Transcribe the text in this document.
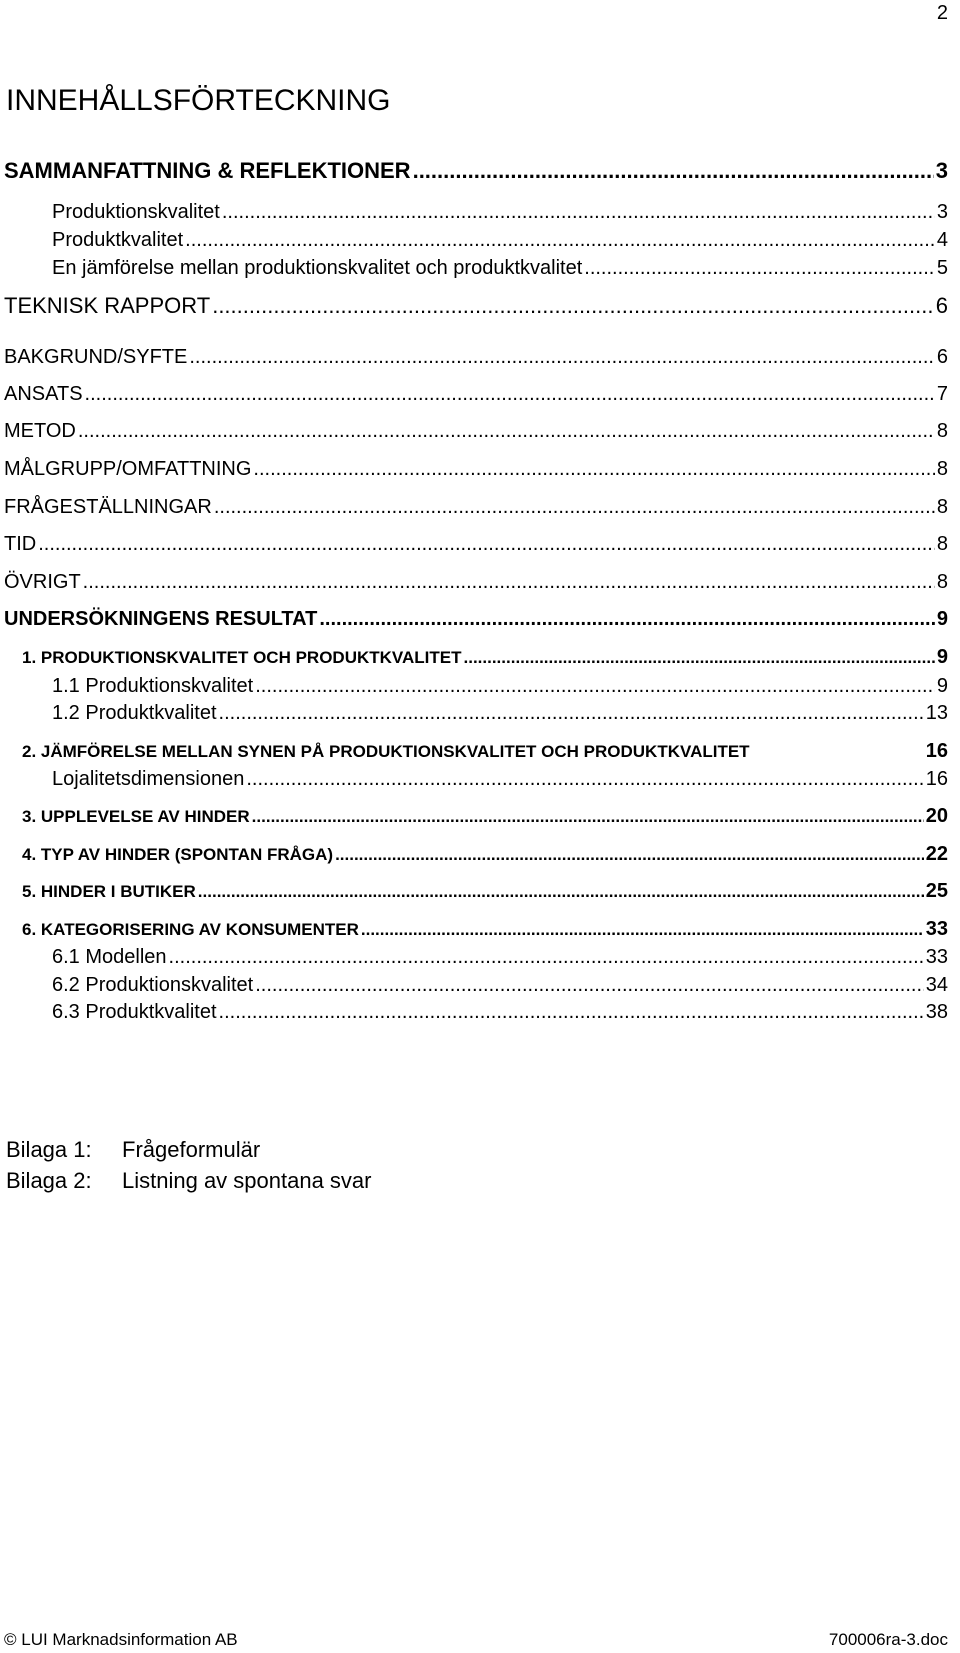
2
INNEHÅLLSFÖRTECKNING
SAMMANFATTNING & REFLEKTIONER .....	3
Produktionskvalitet .....	3
Produktkvalitet .....	4
En jämförelse mellan produktionskvalitet och produktkvalitet .....	5
TEKNISK RAPPORT .....	6
BAKGRUND/SYFTE .....	6
ANSATS .....	7
METOD .....	8
MÅLGRUPP/OMFATTNING .....	8
FRÅGESTÄLLNINGAR .....	8
TID .....	8
ÖVRIGT .....	8
UNDERSÖKNINGENS RESULTAT .....	9
1. PRODUKTIONSKVALITET OCH PRODUKTKVALITET .....	9
1.1 Produktionskvalitet .....	9
1.2 Produktkvalitet .....	13
2. JÄMFÖRELSE MELLAN SYNEN PÅ PRODUKTIONSKVALITET OCH PRODUKTKVALITET	16
Lojalitetsdimensionen .....	16
3. UPPLEVELSE AV HINDER .....	20
4. TYP AV HINDER (SPONTAN FRÅGA) .....	22
5. HINDER I BUTIKER .....	25
6. KATEGORISERING AV KONSUMENTER .....	33
6.1 Modellen .....	33
6.2 Produktionskvalitet .....	34
6.3 Produktkvalitet .....	38
Bilaga 1: Frågeformulär
Bilaga 2: Listning av spontana svar
© LUI Marknadsinformation AB	700006ra-3.doc
